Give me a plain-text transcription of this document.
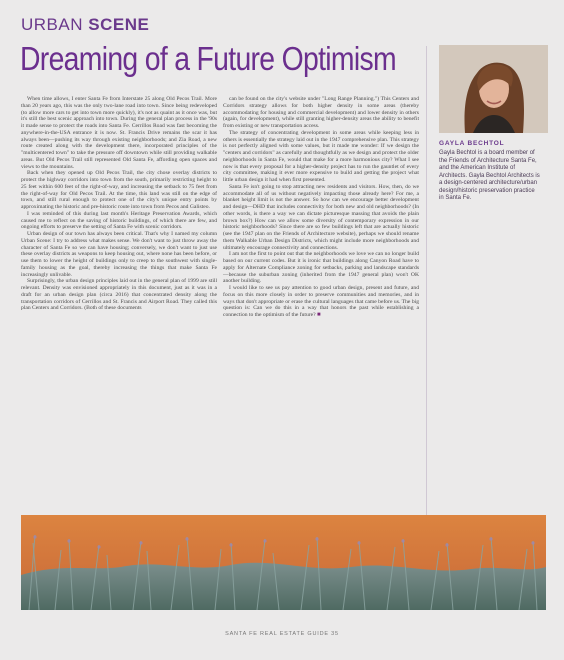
URBAN SCENE
Dreaming of a Future Optimism

When time allows, I enter Santa Fe from Interstate 25 along Old Pecos Trail. More than 20 years ago, this was the only two-lane road into town. Since being redeveloped (to allow more cars to get into town more quickly), it's not as quaint as it once was, but it's still the best scenic approach into town. During the general plan process in the '90s it made sense to protect the roads into Santa Fe. Cerrillos Road was fast becoming the anywhere-in-the-USA entrance it is now. St. Francis Drive remains the scar it has always been—pushing its way through existing neighborhoods; and Zia Road, a new route created along with the development there, incorporated principles of the "multicentered town" to take the pressure off downtown while still providing walkable areas. But Old Pecos Trail still represented Old Santa Fe, affording open spaces and views to the mountains.

Back when they opened up Old Pecos Trail, the city chose overlay districts to protect the highway corridors into town from the south, primarily restricting height to 25 feet within 600 feet of the right-of-way, and increasing the setback to 75 feet from the right-of-way for Old Pecos Trail. At the time, this land was still on the edge of town, and still rural enough to protect one of the city's unique entry points by approximating the historic and pre-historic route into town from Pecos and Galisteo.

I was reminded of this during last month's Heritage Preservation Awards, which caused me to reflect on the saving of historic buildings, of which there are few, and ongoing efforts to preserve the setting of Santa Fe with scenic corridors.

Urban design of our town has always been critical. That's why I named my column Urban Scene: I try to address what makes sense. We don't want to just throw away the character of Santa Fe so we can have housing; conversely, we don't want to just use these overlay districts as weapons to keep housing out, where none has been before, or use them to lower the height of buildings only to creep to the southwest with single-family housing as the goal, thereby increasing the things that make Santa Fe increasingly unlivable.

Surprisingly, the urban design principles laid out in the general plan of 1999 are still relevant. Density was envisioned appropriately in this document, just as it was in a draft for an urban design plan (circa 2016) that concentrated density along the transportation corridors of Cerrillos and St. Francis and Airport Road. They called this plan Centers and Corridors. (Both of these documents

can be found on the city's website under "Long Range Planning.") This Centers and Corridors strategy allows for both higher density in some areas (thereby accommodating for housing and commercial development) and lower density in others (again, for development), while still granting higher-density areas the ability to benefit from existing or new transportation access.

The strategy of concentrating development in some areas while keeping less in others is essentially the strategy laid out in the 1947 comprehensive plan. This strategy is not perfectly aligned with some values, but it made me wonder: If we design the "centers and corridors" as carefully and thoughtfully as we design and protect the older neighborhoods in Santa Fe, would that make for a more harmonious city? What I see now is that every proposal for a higher-density project has to run the gauntlet of every city committee, making it ever more expensive to build and getting the project what little urban design it had when first presented.

Santa Fe isn't going to stop attracting new residents and visitors. How, then, do we accommodate all of us without negatively impacting those already here? For me, a blanket height limit is not the answer. So how can we encourage better development and design—DHD that includes connectivity for both new and old neighborhoods? (In other words, is there a way we can dictate picturesque massing that avoids the plain brown box?) How can we allow some diversity of contemporary expression in our historic neighborhoods? Since there are so few buildings left that are actually historic (see the 1947 plan on the Friends of Architecture website), perhaps we should rename them Walkable Urban Design Districts, which might include more neighborhoods and ultimately encourage connectivity and connections.

I am not the first to point out that the neighborhoods we love we can no longer build based on our current codes. But it is ironic that buildings along Canyon Road have to apply for Alternate Compliance zoning for setbacks, parking and landscape standards—because the suburban zoning (inherited from the 1947 general plan) won't OK another building.

I would like to see us pay attention to good urban design, present and future, and focus on this more closely in order to preserve communities and memories, and in ways that don't appropriate or erase the cultural languages that came before us. The big question is: Can we do this in a way that honors the past while establishing a connection to the optimism of the future? ■

GAYLA BECHTOL
Gayla Bechtol is a board member of the Friends of Architecture Santa Fe, and the American Institute of Architects. Gayla Bechtol Architects is a design-centered architecture/urban design/historic preservation practice in Santa Fe.
SANTA FE REAL ESTATE GUIDE 35
